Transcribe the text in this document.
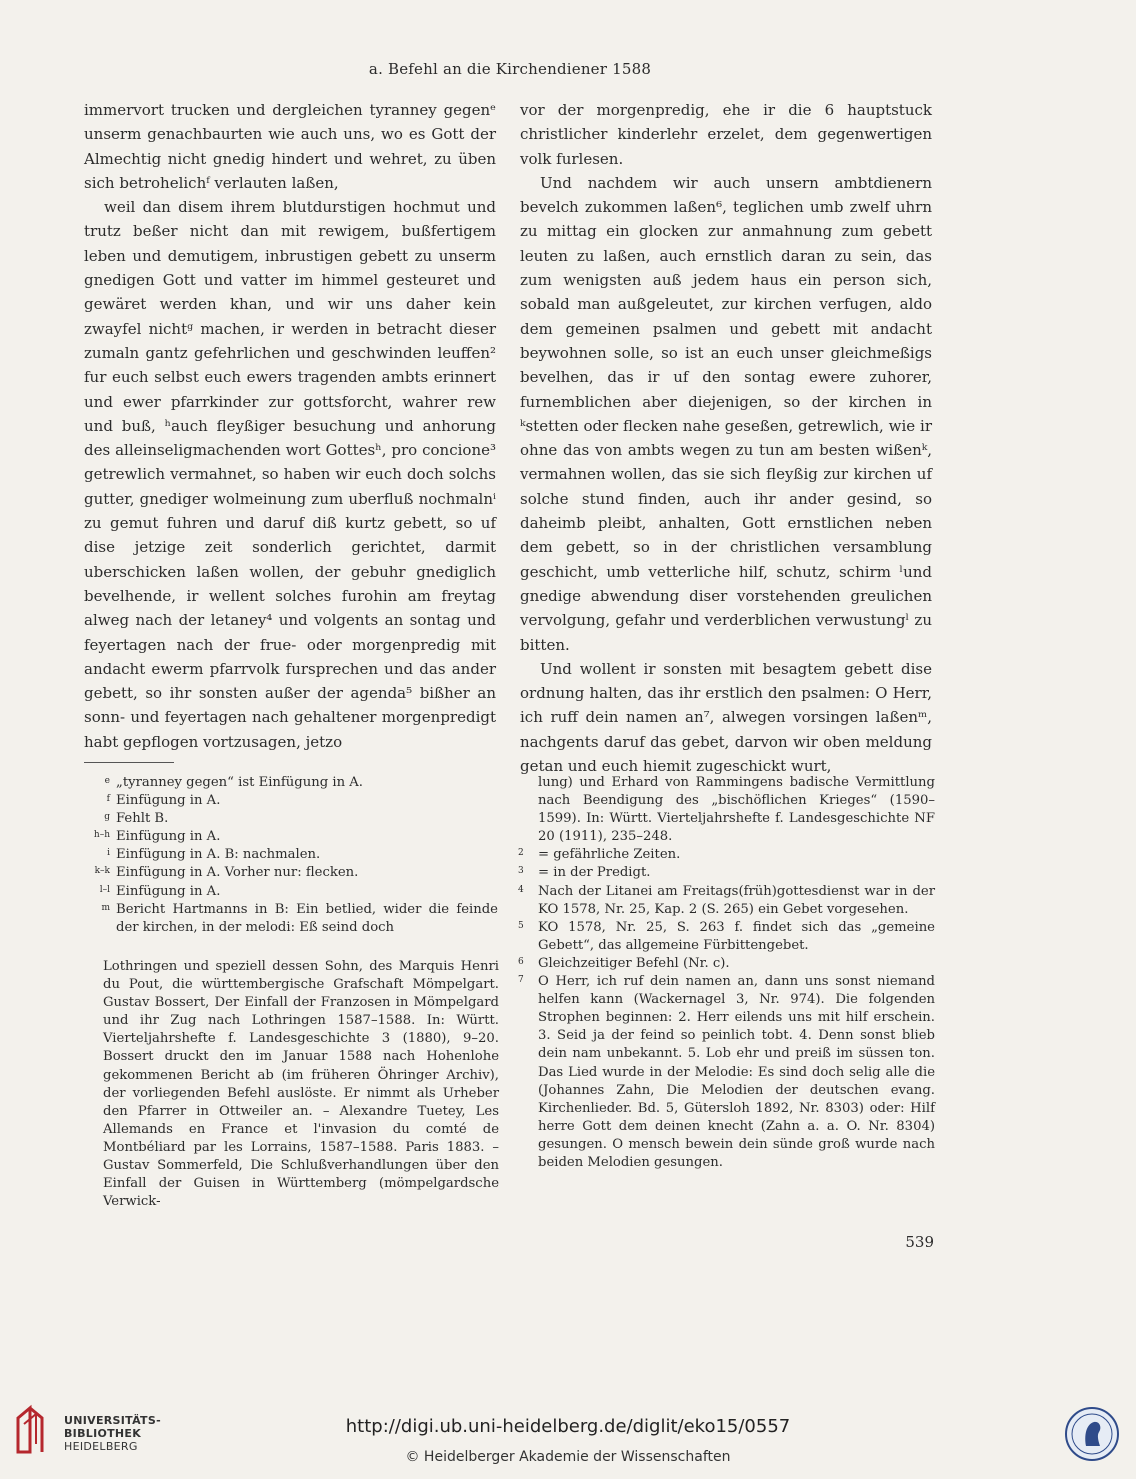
a. Befehl an die Kirchendiener 1588

immervort trucken und dergleichen tyranney gegenᵉ unserm genachbaurten wie auch uns, wo es Gott der Almechtig nicht gnedig hindert und wehret, zu üben sich betrohelichᶠ verlauten laßen,

weil dan disem ihrem blutdurstigen hochmut und trutz beßer nicht dan mit rewigem, bußfertigem leben und demutigem, inbrustigen gebett zu unserm gnedigen Gott und vatter im himmel gesteuret und gewäret werden khan, und wir uns daher kein zwayfel nichtᵍ machen, ir werden in betracht dieser zumaln gantz gefehrlichen und geschwinden leuffen² fur euch selbst euch ewers tragenden ambts erinnert und ewer pfarrkinder zur gottsforcht, wahrer rew und buß, ʰauch fleyßiger besuchung und anhorung des alleinseligmachenden wort Gottesʰ, pro concione³ getrewlich vermahnet, so haben wir euch doch solchs gutter, gnediger wolmeinung zum uberfluß nochmalnⁱ zu gemut fuhren und daruf diß kurtz gebett, so uf dise jetzige zeit sonderlich gerichtet, darmit uberschicken laßen wollen, der gebuhr gnediglich bevelhende, ir wellent solches furohin am freytag alweg nach der letaney⁴ und volgents an sontag und feyertagen nach der frue- oder morgenpredig mit andacht ewerm pfarrvolk fursprechen und das ander gebett, so ihr sonsten außer der agenda⁵ bißher an sonn- und feyertagen nach gehaltener morgenpredigt habt gepflogen vortzusagen, jetzo

vor der morgenpredig, ehe ir die 6 hauptstuck christlicher kinderlehr erzelet, dem gegenwertigen volk furlesen.

Und nachdem wir auch unsern ambtdienern bevelch zukommen laßen⁶, teglichen umb zwelf uhrn zu mittag ein glocken zur anmahnung zum gebett leuten zu laßen, auch ernstlich daran zu sein, das zum wenigsten auß jedem haus ein person sich, sobald man außgeleutet, zur kirchen verfugen, aldo dem gemeinen psalmen und gebett mit andacht beywohnen solle, so ist an euch unser gleichmeßigs bevelhen, das ir uf den sontag ewere zuhorer, furnemblichen aber diejenigen, so der kirchen in ᵏstetten oder flecken nahe geseßen, getrewlich, wie ir ohne das von ambts wegen zu tun am besten wißenᵏ, vermahnen wollen, das sie sich fleyßig zur kirchen uf solche stund finden, auch ihr ander gesind, so daheimb pleibt, anhalten, Gott ernstlichen neben dem gebett, so in der christlichen versamblung geschicht, umb vetterliche hilf, schutz, schirm ˡund gnedige abwendung diser vorstehenden greulichen vervolgung, gefahr und verderblichen verwustungˡ zu bitten.

Und wollent ir sonsten mit besagtem gebett dise ordnung halten, das ihr erstlich den psalmen: O Herr, ich ruff dein namen an⁷, alwegen vorsingen laßenᵐ, nachgents daruf das gebet, darvon wir oben meldung getan und euch hiemit zugeschickt wurt,

e „tyranney gegen“ ist Einfügung in A.
f Einfügung in A.
g Fehlt B.
h–h Einfügung in A.
i Einfügung in A. B: nachmalen.
k–k Einfügung in A. Vorher nur: flecken.
l–l Einfügung in A.
m Bericht Hartmanns in B: Ein betlied, wider die feinde der kirchen, in der melodi: Eß seind doch
Lothringen und speziell dessen Sohn, des Marquis Henri du Pout, die württembergische Grafschaft Mömpelgart. Gustav Bossert, Der Einfall der Franzosen in Mömpelgard und ihr Zug nach Lothringen 1587–1588. In: Württ. Vierteljahrshefte f. Landesgeschichte 3 (1880), 9–20. Bossert druckt den im Januar 1588 nach Hohenlohe gekommenen Bericht ab (im früheren Öhringer Archiv), der vorliegenden Befehl auslöste. Er nimmt als Urheber den Pfarrer in Ottweiler an. – Alexandre Tuetey, Les Allemands en France et l'invasion du comté de Montbéliard par les Lorrains, 1587–1588. Paris 1883. – Gustav Sommerfeld, Die Schlußverhandlungen über den Einfall der Guisen in Württemberg (mömpelgardsche Verwick-
lung) und Erhard von Rammingens badische Vermittlung nach Beendigung des „bischöflichen Krieges“ (1590–1599). In: Württ. Vierteljahrshefte f. Landesgeschichte NF 20 (1911), 235–248.
2	= gefährliche Zeiten.
3	= in der Predigt.
4	Nach der Litanei am Freitags(früh)gottesdienst war in der KO 1578, Nr. 25, Kap. 2 (S. 265) ein Gebet vorgesehen.
5	KO 1578, Nr. 25, S. 263 f. findet sich das „gemeine Gebett“, das allgemeine Fürbittengebet.
6	Gleichzeitiger Befehl (Nr. c).
7	O Herr, ich ruf dein namen an, dann uns sonst niemand helfen kann (Wackernagel 3, Nr. 974). Die folgenden Strophen beginnen: 2. Herr eilends uns mit hilf erschein. 3. Seid ja der feind so peinlich tobt. 4. Denn sonst blieb dein nam unbekannt. 5. Lob ehr und preiß im süssen ton. Das Lied wurde in der Melodie: Es sind doch selig alle die (Johannes Zahn, Die Melodien der deutschen evang. Kirchenlieder. Bd. 5, Gütersloh 1892, Nr. 8303) oder: Hilf herre Gott dem deinen knecht (Zahn a. a. O. Nr. 8304) gesungen. O mensch bewein dein sünde groß wurde nach beiden Melodien gesungen.
539
UNIVERSITÄTS-
BIBLIOTHEK
HEIDELBERG
http://digi.ub.uni-heidelberg.de/diglit/eko15/0557
© Heidelberger Akademie der Wissenschaften
